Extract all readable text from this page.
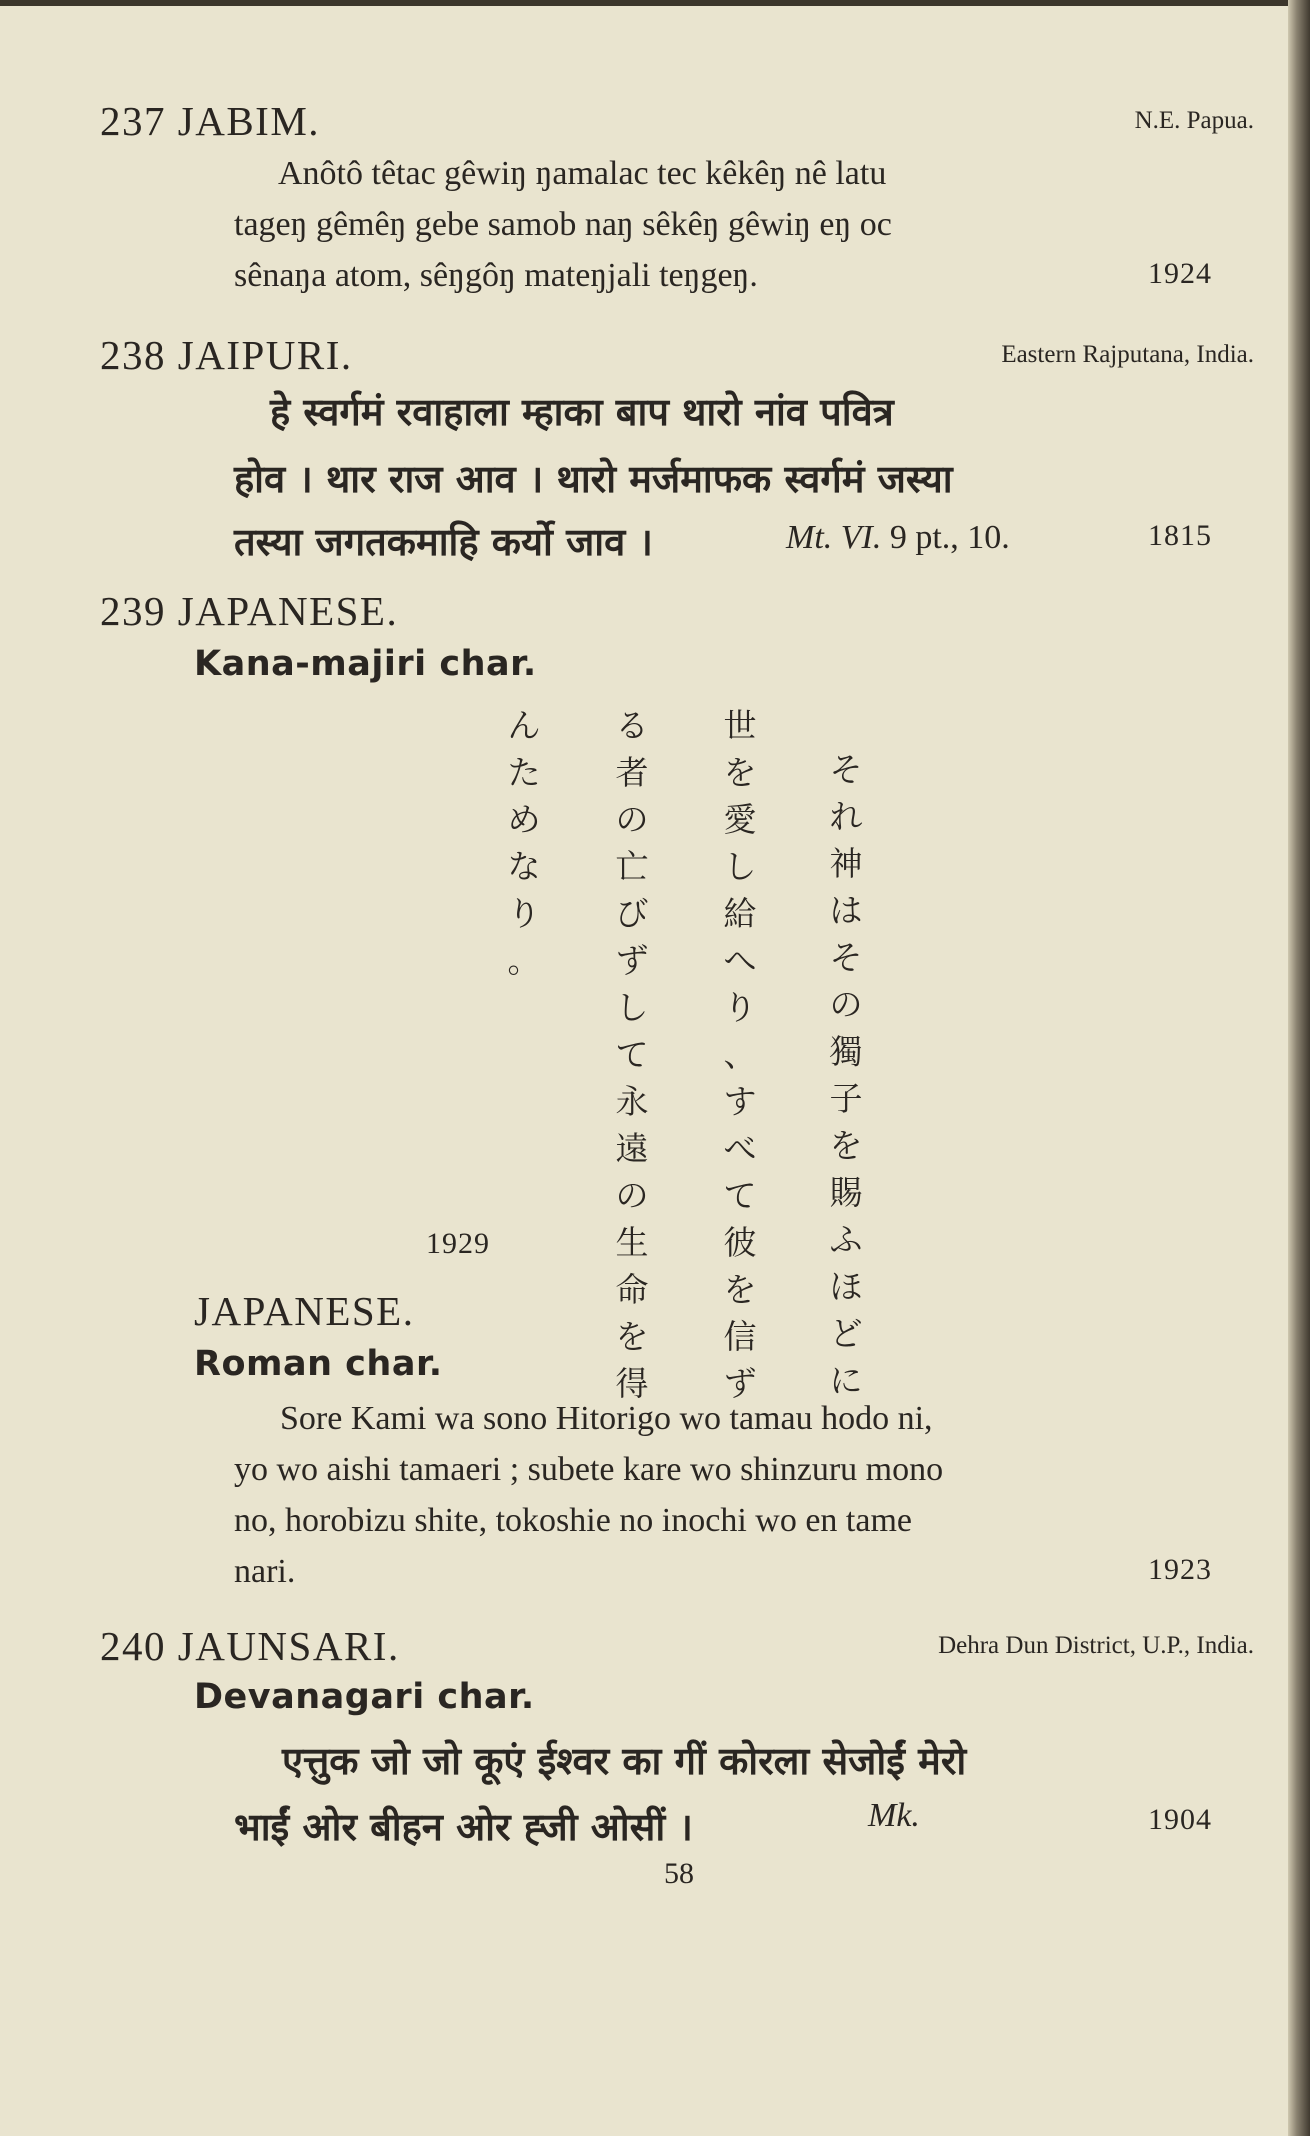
237 JABIM.	N.E. Papua.
Anôtô têtac gêwiŋ ŋamalac tec kêkêŋ nê latu
tageŋ gêmêŋ gebe samob naŋ sêkêŋ gêwiŋ eŋ oc
sênaŋa atom, sêŋgôŋ mateŋjali teŋgeŋ.	1924
238 JAIPURI.	Eastern Rajputana, India.
हे स्वर्गमं रवाहाला म्हाका बाप थारो नांव पवित्र
होव । थार राज आव । थारो मर्जमाफक स्वर्गमं जस्या
तस्या जगतकमाहि कर्यो जाव ।	Mt. VI. 9 pt., 10.	1815
239 JAPANESE.
Kana-majiri char.
そ
れ
神
は
そ
の
獨
子
を
賜
ふ
ほ
ど
に
世
を
愛
し
給
へ
り
、
す
べ
て
彼
を
信
ず
る
者
の
亡
び
ず
し
て
永
遠
の
生
命
を
得
ん
た
め
な
り
。
1929
JAPANESE.
Roman char.
Sore Kami wa sono Hitorigo wo tamau hodo ni,
yo wo aishi tamaeri ; subete kare wo shinzuru mono
no, horobizu shite, tokoshie no inochi wo en tame
nari.	1923
240 JAUNSARI.	Dehra Dun District, U.P., India.
Devanagari char.
एत्तुक जो जो कूएं ईश्वर का गीं कोरला सेजोईं मेरो
भाईं ओर बीहन ओर ह्जी ओसीं ।	Mk.	1904
58
